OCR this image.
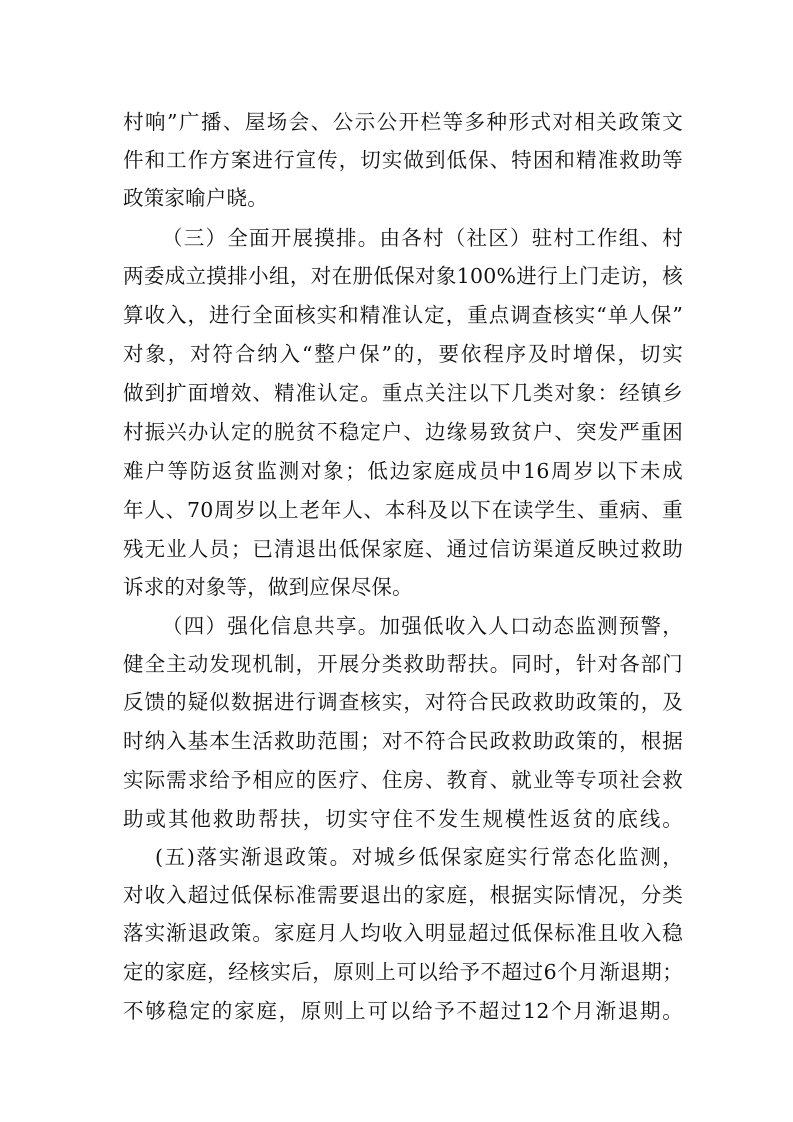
村响”广播、屋场会、公示公开栏等多种形式对相关政策文
件和工作方案进行宣传，切实做到低保、特困和精准救助等
政策家喻户晓。
（三）全面开展摸排。由各村（社区）驻村工作组、村
两委成立摸排小组，对在册低保对象100%进行上门走访，核
算收入，进行全面核实和精准认定，重点调查核实“单人保”
对象，对符合纳入“整户保”的，要依程序及时增保，切实
做到扩面增效、精准认定。重点关注以下几类对象：经镇乡
村振兴办认定的脱贫不稳定户、边缘易致贫户、突发严重困
难户等防返贫监测对象；低边家庭成员中16周岁以下未成
年人、70周岁以上老年人、本科及以下在读学生、重病、重
残无业人员；已清退出低保家庭、通过信访渠道反映过救助
诉求的对象等，做到应保尽保。
（四）强化信息共享。加强低收入人口动态监测预警，
健全主动发现机制，开展分类救助帮扶。同时，针对各部门
反馈的疑似数据进行调查核实，对符合民政救助政策的，及
时纳入基本生活救助范围；对不符合民政救助政策的，根据
实际需求给予相应的医疗、住房、教育、就业等专项社会救
助或其他救助帮扶，切实守住不发生规模性返贫的底线。
(五)落实渐退政策。对城乡低保家庭实行常态化监测，
对收入超过低保标准需要退出的家庭，根据实际情况，分类
落实渐退政策。家庭月人均收入明显超过低保标准且收入稳
定的家庭，经核实后，原则上可以给予不超过6个月渐退期；
不够稳定的家庭，原则上可以给予不超过12个月渐退期。
